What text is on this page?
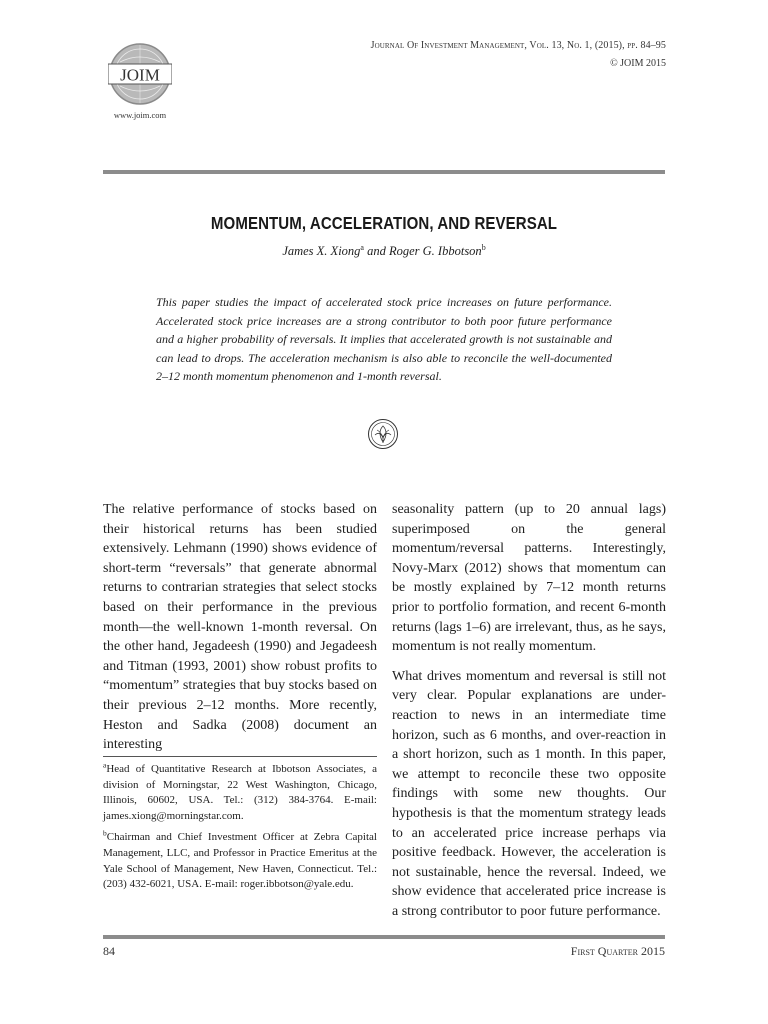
JOIM
www.joim.com
Journal Of Investment Management, Vol. 13, No. 1, (2015), pp. 84–95
© JOIM 2015
MOMENTUM, ACCELERATION, AND REVERSAL
James X. Xiong$^a$ and Roger G. Ibbotson$^b$
This paper studies the impact of accelerated stock price increases on future performance. Accelerated stock price increases are a strong contributor to both poor future performance and a higher probability of reversals. It implies that accelerated growth is not sustainable and can lead to drops. The acceleration mechanism is also able to reconcile the well-documented 2–12 month momentum phenomenon and 1-month reversal.

The relative performance of stocks based on their historical returns has been studied extensively. Lehmann (1990) shows evidence of short-term “reversals” that generate abnormal returns to contrarian strategies that select stocks based on their performance in the previous month—the well-known 1-month reversal. On the other hand, Jegadeesh (1990) and Jegadeesh and Titman (1993, 2001) show robust profits to “momentum” strategies that buy stocks based on their previous 2–12 months. More recently, Heston and Sadka (2008) document an interesting

seasonality pattern (up to 20 annual lags) superimposed on the general momentum/reversal patterns. Interestingly, Novy-Marx (2012) shows that momentum can be mostly explained by 7–12 month returns prior to portfolio formation, and recent 6-month returns (lags 1–6) are irrelevant, thus, as he says, momentum is not really momentum.

What drives momentum and reversal is still not very clear. Popular explanations are under-reaction to news in an intermediate time horizon, such as 6 months, and over-reaction in a short horizon, such as 1 month. In this paper, we attempt to reconcile these two opposite findings with some new thoughts. Our hypothesis is that the momentum strategy leads to an accelerated price increase perhaps via positive feedback. However, the acceleration is not sustainable, hence the reversal. Indeed, we show evidence that accelerated price increase is a strong contributor to poor future performance.

$^a$Head of Quantitative Research at Ibbotson Associates, a division of Morningstar, 22 West Washington, Chicago, Illinois, 60602, USA. Tel.: (312) 384-3764. E-mail: james.xiong@morningstar.com.

$^b$Chairman and Chief Investment Officer at Zebra Capital Management, LLC, and Professor in Practice Emeritus at the Yale School of Management, New Haven, Connecticut. Tel.: (203) 432-6021, USA. E-mail: roger.ibbotson@yale.edu.

84	First Quarter 2015
